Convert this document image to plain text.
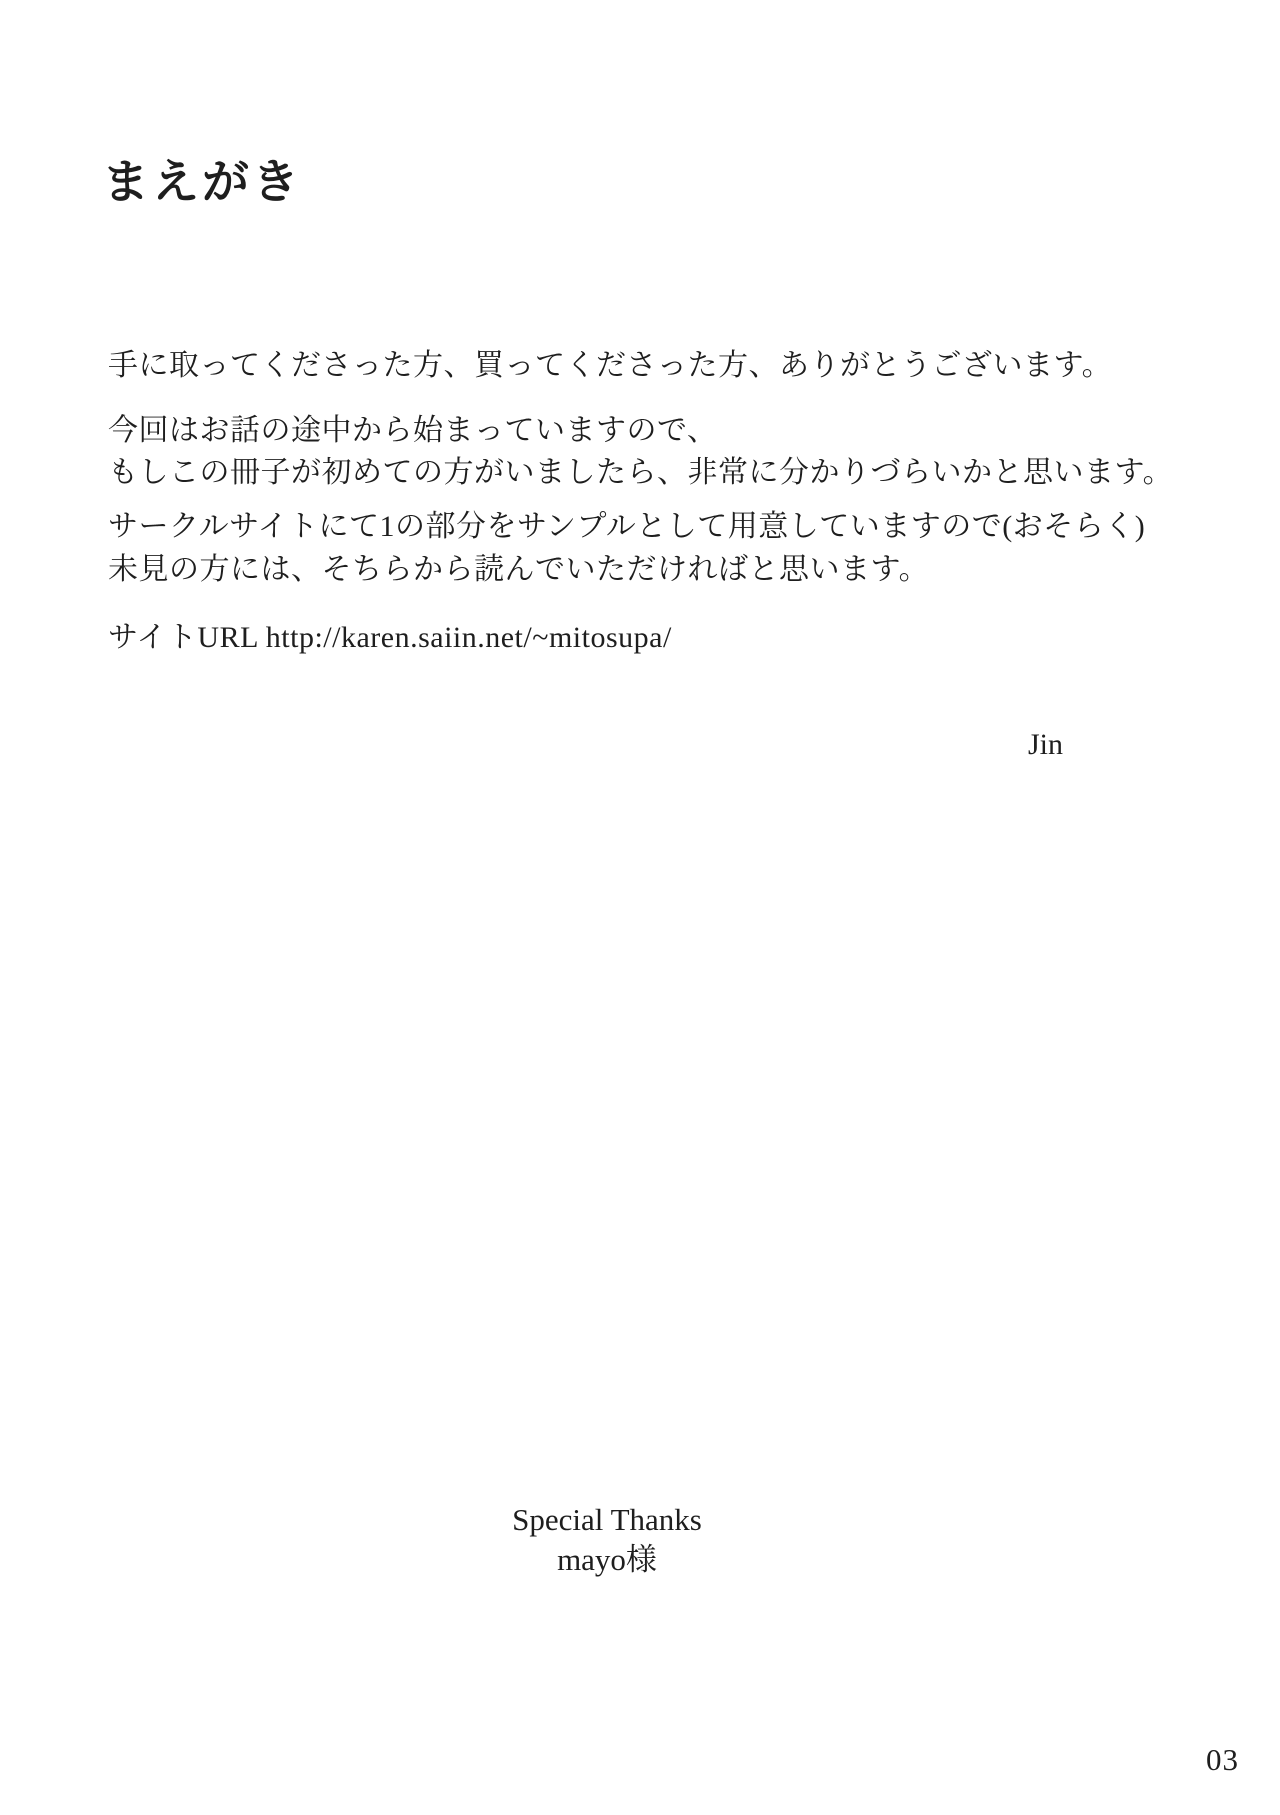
まえがき

手に取ってくださった方、買ってくださった方、ありがとうございます。

今回はお話の途中から始まっていますので、

もしこの冊子が初めての方がいましたら、非常に分かりづらいかと思います。

サークルサイトにて1の部分をサンプルとして用意していますので(おそらく)

未見の方には、そちらから読んでいただければと思います。

サイトURL http://karen.saiin.net/~mitosupa/

Jin

Special Thanks
mayo様

03
